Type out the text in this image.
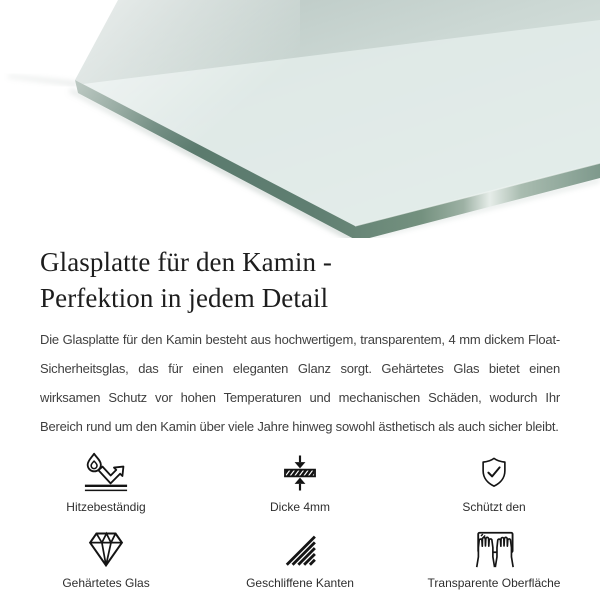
Glasplatte für den Kamin -
Perfektion in jedem Detail

Die Glasplatte für den Kamin besteht aus hochwertigem, transparentem, 4 mm dickem Float-Sicherheitsglas, das für einen eleganten Glanz sorgt. Gehärtetes Glas bietet einen wirksamen Schutz vor hohen Temperaturen und mechanischen Schäden, wodurch Ihr Bereich rund um den Kamin über viele Jahre hinweg sowohl ästhetisch als auch sicher bleibt.

Hitzebeständig	Dicke 4mm	Schützt den
Gehärtetes Glas	Geschliffene Kanten	Transparente Oberfläche
